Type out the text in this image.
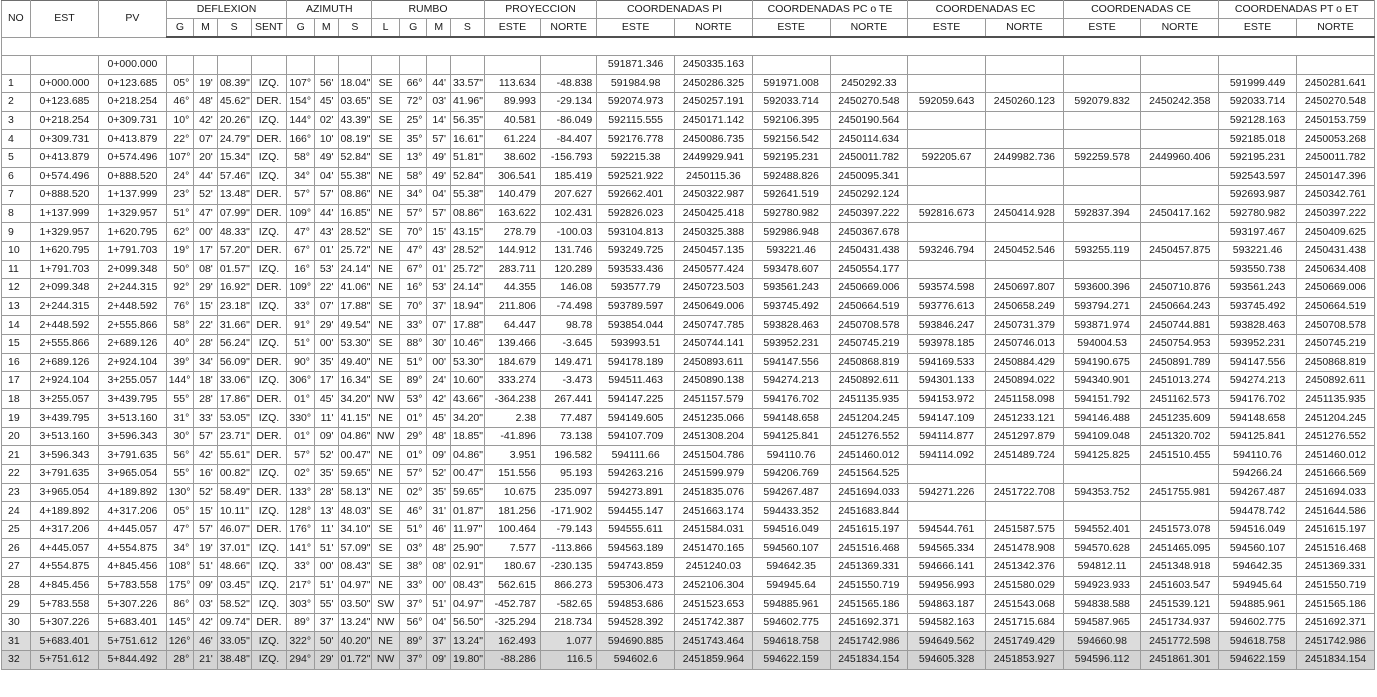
NO	EST	PV	DEFLEXION				AZIMUTH			RUMBO				PROYECCION		COORDENADAS PI		COORDENADAS PC o TE		COORDENADAS EC		COORDENADAS CE		COORDENADAS PT o ET	
			G	M	S	SENT	G	M	S	L	G	M	S	ESTE	NORTE	ESTE	NORTE	ESTE	NORTE	ESTE	NORTE	ESTE	NORTE	ESTE	NORTE

		0+000.000														591871.346	2450335.163								
1	0+000.000	0+123.685	05°	19'	08.39"	IZQ.	107°	56'	18.04"	SE	66°	44'	33.57"	113.634	-48.838	591984.98	2450286.325	591971.008	2450292.33					591999.449	2450281.641
2	0+123.685	0+218.254	46°	48'	45.62"	DER.	154°	45'	03.65"	SE	72°	03'	41.96"	89.993	-29.134	592074.973	2450257.191	592033.714	2450270.548	592059.643	2450260.123	592079.832	2450242.358	592033.714	2450270.548
3	0+218.254	0+309.731	10°	42'	20.26"	IZQ.	144°	02'	43.39"	SE	25°	14'	56.35"	40.581	-86.049	592115.555	2450171.142	592106.395	2450190.564					592128.163	2450153.759
4	0+309.731	0+413.879	22°	07'	24.79"	DER.	166°	10'	08.19"	SE	35°	57'	16.61"	61.224	-84.407	592176.778	2450086.735	592156.542	2450114.634					592185.018	2450053.268
5	0+413.879	0+574.496	107°	20'	15.34"	IZQ.	58°	49'	52.84"	SE	13°	49'	51.81"	38.602	-156.793	592215.38	2449929.941	592195.231	2450011.782	592205.67	2449982.736	592259.578	2449960.406	592195.231	2450011.782
6	0+574.496	0+888.520	24°	44'	57.46"	IZQ.	34°	04'	55.38"	NE	58°	49'	52.84"	306.541	185.419	592521.922	2450115.36	592488.826	2450095.341					592543.597	2450147.396
7	0+888.520	1+137.999	23°	52'	13.48"	DER.	57°	57'	08.86"	NE	34°	04'	55.38"	140.479	207.627	592662.401	2450322.987	592641.519	2450292.124					592693.987	2450342.761
8	1+137.999	1+329.957	51°	47'	07.99"	DER.	109°	44'	16.85"	NE	57°	57'	08.86"	163.622	102.431	592826.023	2450425.418	592780.982	2450397.222	592816.673	2450414.928	592837.394	2450417.162	592780.982	2450397.222
9	1+329.957	1+620.795	62°	00'	48.33"	IZQ.	47°	43'	28.52"	SE	70°	15'	43.15"	278.79	-100.03	593104.813	2450325.388	592986.948	2450367.678					593197.467	2450409.625
10	1+620.795	1+791.703	19°	17'	57.20"	DER.	67°	01'	25.72"	NE	47°	43'	28.52"	144.912	131.746	593249.725	2450457.135	593221.46	2450431.438	593246.794	2450452.546	593255.119	2450457.875	593221.46	2450431.438
11	1+791.703	2+099.348	50°	08'	01.57"	IZQ.	16°	53'	24.14"	NE	67°	01'	25.72"	283.711	120.289	593533.436	2450577.424	593478.607	2450554.177					593550.738	2450634.408
12	2+099.348	2+244.315	92°	29'	16.92"	DER.	109°	22'	41.06"	NE	16°	53'	24.14"	44.355	146.08	593577.79	2450723.503	593561.243	2450669.006	593574.598	2450697.807	593600.396	2450710.876	593561.243	2450669.006
13	2+244.315	2+448.592	76°	15'	23.18"	IZQ.	33°	07'	17.88"	SE	70°	37'	18.94"	211.806	-74.498	593789.597	2450649.006	593745.492	2450664.519	593776.613	2450658.249	593794.271	2450664.243	593745.492	2450664.519
14	2+448.592	2+555.866	58°	22'	31.66"	DER.	91°	29'	49.54"	NE	33°	07'	17.88"	64.447	98.78	593854.044	2450747.785	593828.463	2450708.578	593846.247	2450731.379	593871.974	2450744.881	593828.463	2450708.578
15	2+555.866	2+689.126	40°	28'	56.24"	IZQ.	51°	00'	53.30"	SE	88°	30'	10.46"	139.466	-3.645	593993.51	2450744.141	593952.231	2450745.219	593978.185	2450746.013	594004.53	2450754.953	593952.231	2450745.219
16	2+689.126	2+924.104	39°	34'	56.09"	DER.	90°	35'	49.40"	NE	51°	00'	53.30"	184.679	149.471	594178.189	2450893.611	594147.556	2450868.819	594169.533	2450884.429	594190.675	2450891.789	594147.556	2450868.819
17	2+924.104	3+255.057	144°	18'	33.06"	IZQ.	306°	17'	16.34"	SE	89°	24'	10.60"	333.274	-3.473	594511.463	2450890.138	594274.213	2450892.611	594301.133	2450894.022	594340.901	2451013.274	594274.213	2450892.611
18	3+255.057	3+439.795	55°	28'	17.86"	DER.	01°	45'	34.20"	NW	53°	42'	43.66"	-364.238	267.441	594147.225	2451157.579	594176.702	2451135.935	594153.972	2451158.098	594151.792	2451162.573	594176.702	2451135.935
19	3+439.795	3+513.160	31°	33'	53.05"	IZQ.	330°	11'	41.15"	NE	01°	45'	34.20"	2.38	77.487	594149.605	2451235.066	594148.658	2451204.245	594147.109	2451233.121	594146.488	2451235.609	594148.658	2451204.245
20	3+513.160	3+596.343	30°	57'	23.71"	DER.	01°	09'	04.86"	NW	29°	48'	18.85"	-41.896	73.138	594107.709	2451308.204	594125.841	2451276.552	594114.877	2451297.879	594109.048	2451320.702	594125.841	2451276.552
21	3+596.343	3+791.635	56°	42'	55.61"	DER.	57°	52'	00.47"	NE	01°	09'	04.86"	3.951	196.582	594111.66	2451504.786	594110.76	2451460.012	594114.092	2451489.724	594125.825	2451510.455	594110.76	2451460.012
22	3+791.635	3+965.054	55°	16'	00.82"	IZQ.	02°	35'	59.65"	NE	57°	52'	00.47"	151.556	95.193	594263.216	2451599.979	594206.769	2451564.525					594266.24	2451666.569
23	3+965.054	4+189.892	130°	52'	58.49"	DER.	133°	28'	58.13"	NE	02°	35'	59.65"	10.675	235.097	594273.891	2451835.076	594267.487	2451694.033	594271.226	2451722.708	594353.752	2451755.981	594267.487	2451694.033
24	4+189.892	4+317.206	05°	15'	10.11"	IZQ.	128°	13'	48.03"	SE	46°	31'	01.87"	181.256	-171.902	594455.147	2451663.174	594433.352	2451683.844					594478.742	2451644.586
25	4+317.206	4+445.057	47°	57'	46.07"	DER.	176°	11'	34.10"	SE	51°	46'	11.97"	100.464	-79.143	594555.611	2451584.031	594516.049	2451615.197	594544.761	2451587.575	594552.401	2451573.078	594516.049	2451615.197
26	4+445.057	4+554.875	34°	19'	37.01"	IZQ.	141°	51'	57.09"	SE	03°	48'	25.90"	7.577	-113.866	594563.189	2451470.165	594560.107	2451516.468	594565.334	2451478.908	594570.628	2451465.095	594560.107	2451516.468
27	4+554.875	4+845.456	108°	51'	48.66"	IZQ.	33°	00'	08.43"	SE	38°	08'	02.91"	180.67	-230.135	594743.859	2451240.03	594642.35	2451369.331	594666.141	2451342.376	594812.11	2451348.918	594642.35	2451369.331
28	4+845.456	5+783.558	175°	09'	03.45"	IZQ.	217°	51'	04.97"	NE	33°	00'	08.43"	562.615	866.273	595306.473	2452106.304	594945.64	2451550.719	594956.993	2451580.029	594923.933	2451603.547	594945.64	2451550.719
29	5+783.558	5+307.226	86°	03'	58.52"	IZQ.	303°	55'	03.50"	SW	37°	51'	04.97"	-452.787	-582.65	594853.686	2451523.653	594885.961	2451565.186	594863.187	2451543.068	594838.588	2451539.121	594885.961	2451565.186
30	5+307.226	5+683.401	145°	42'	09.74"	DER.	89°	37'	13.24"	NW	56°	04'	56.50"	-325.294	218.734	594528.392	2451742.387	594602.775	2451692.371	594582.163	2451715.684	594587.965	2451734.937	594602.775	2451692.371
31	5+683.401	5+751.612	126°	46'	33.05"	IZQ.	322°	50'	40.20"	NE	89°	37'	13.24"	162.493	1.077	594690.885	2451743.464	594618.758	2451742.986	594649.562	2451749.429	594660.98	2451772.598	594618.758	2451742.986
32	5+751.612	5+844.492	28°	21'	38.48"	IZQ.	294°	29'	01.72"	NW	37°	09'	19.80"	-88.286	116.5	594602.6	2451859.964	594622.159	2451834.154	594605.328	2451853.927	594596.112	2451861.301	594622.159	2451834.154
